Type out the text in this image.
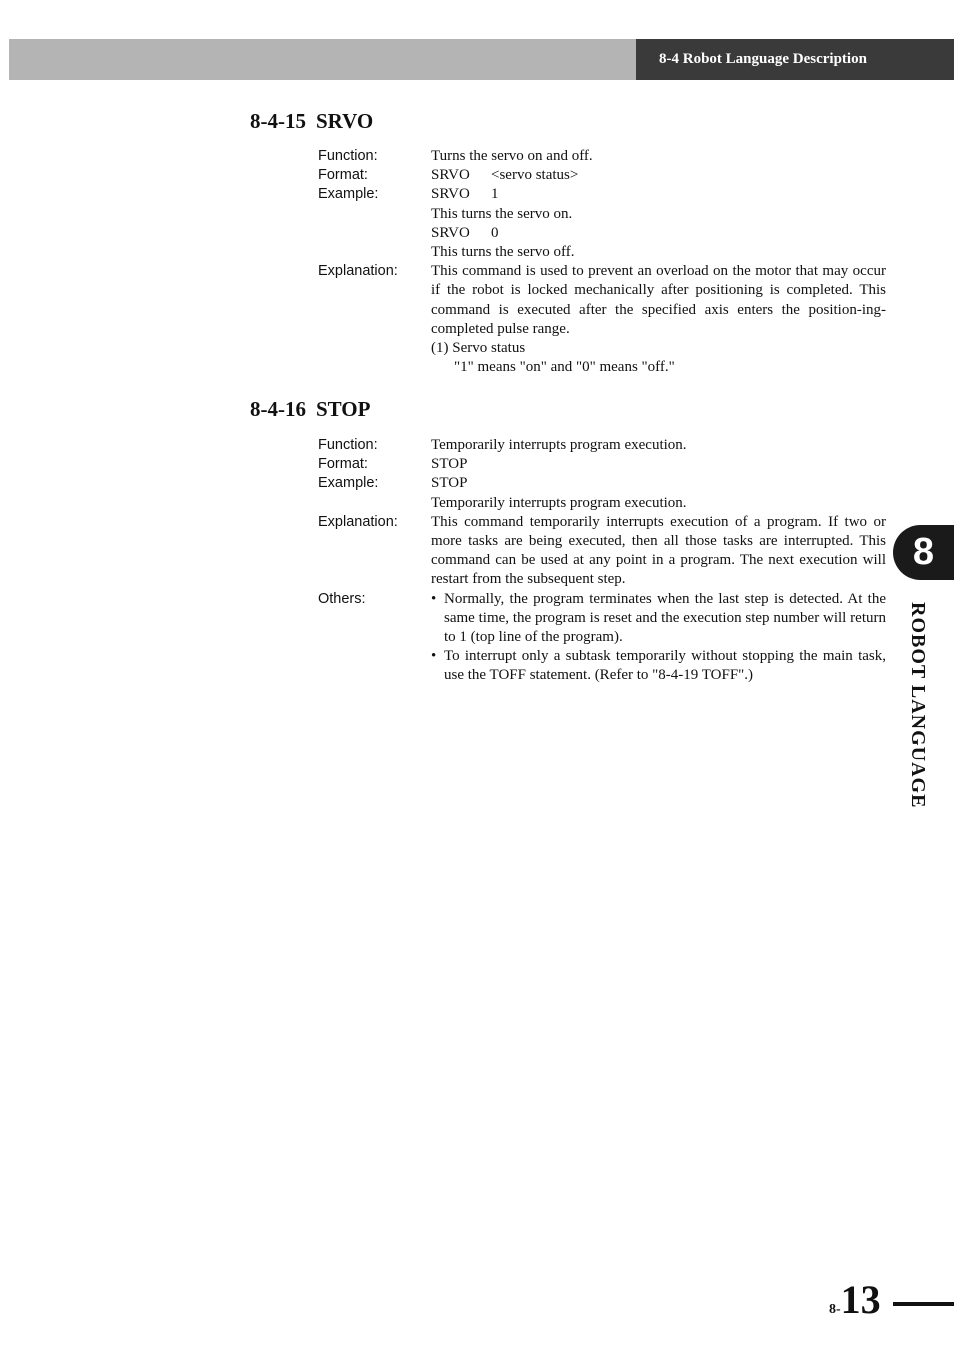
8-4 Robot Language Description
8-4-15 SRVO
Function:	Turns the servo on and off.
Format:	SRVO <servo status>
Example:	SRVO 1

This turns the servo on.

SRVO 0

This turns the servo off.

Explanation:	This command is used to prevent an overload on the motor that may occur if the robot is locked mechanically after positioning is completed. This command is executed after the specified axis enters the position-ing-completed pulse range.

(1) Servo status

"1" means "on" and "0" means "off."

8-4-16 STOP
Function:	Temporarily interrupts program execution.
Format:	STOP
Example:	STOP

Temporarily interrupts program execution.

Explanation:	This command temporarily interrupts execution of a program. If two or more tasks are being executed, then all those tasks are interrupted. This command can be used at any point in a program. The next execution will restart from the subsequent step.
Others:
•	Normally, the program terminates when the last step is detected. At the same time, the program is reset and the execution step number will return to 1 (top line of the program).
• To interrupt only a subtask temporarily without stopping the main task, use the TOFF statement. (Refer to "8-4-19 TOFF".)
8
ROBOT LANGUAGE
8-13
